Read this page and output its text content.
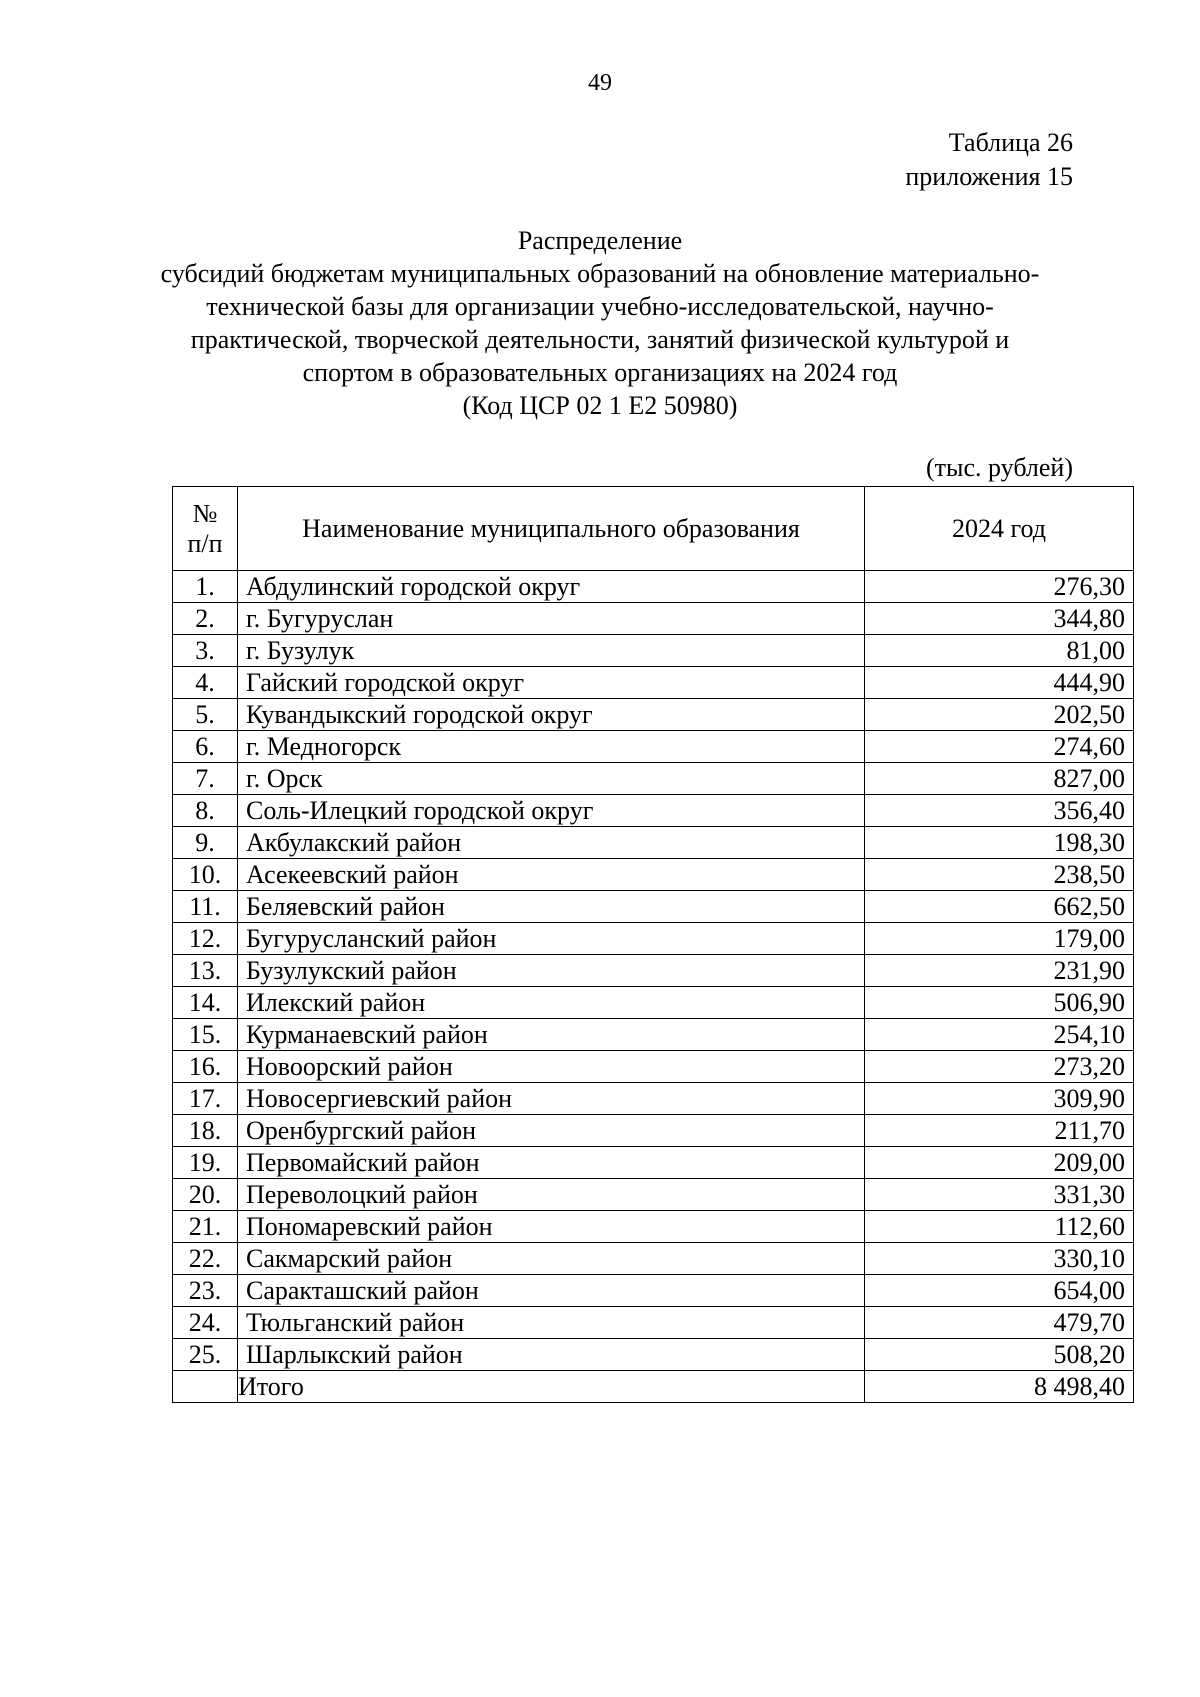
49
Таблица 26
приложения 15
Распределение
субсидий бюджетам муниципальных образований на обновление материально-
технической базы для организации учебно-исследовательской, научно-
практической, творческой деятельности, занятий физической культурой и
спортом в образовательных организациях на 2024 год
(Код ЦСР 02 1 Е2 50980)
(тыс. рублей)
№
п/п	Наименование муниципального образования	2024 год
1.	Абдулинский городской округ	276,30
2.	г. Бугуруслан	344,80
3.	г. Бузулук	81,00
4.	Гайский городской округ	444,90
5.	Кувандыкский городской округ	202,50
6.	г. Медногорск	274,60
7.	г. Орск	827,00
8.	Соль-Илецкий городской округ	356,40
9.	Акбулакский район	198,30
10.	Асекеевский район	238,50
11.	Беляевский район	662,50
12.	Бугурусланский район	179,00
13.	Бузулукский район	231,90
14.	Илекский район	506,90
15.	Курманаевский район	254,10
16.	Новоорский район	273,20
17.	Новосергиевский район	309,90
18.	Оренбургский район	211,70
19.	Первомайский район	209,00
20.	Переволоцкий район	331,30
21.	Пономаревский район	112,60
22.	Сакмарский район	330,10
23.	Саракташский район	654,00
24.	Тюльганский район	479,70
25.	Шарлыкский район	508,20
	Итого	8 498,40
